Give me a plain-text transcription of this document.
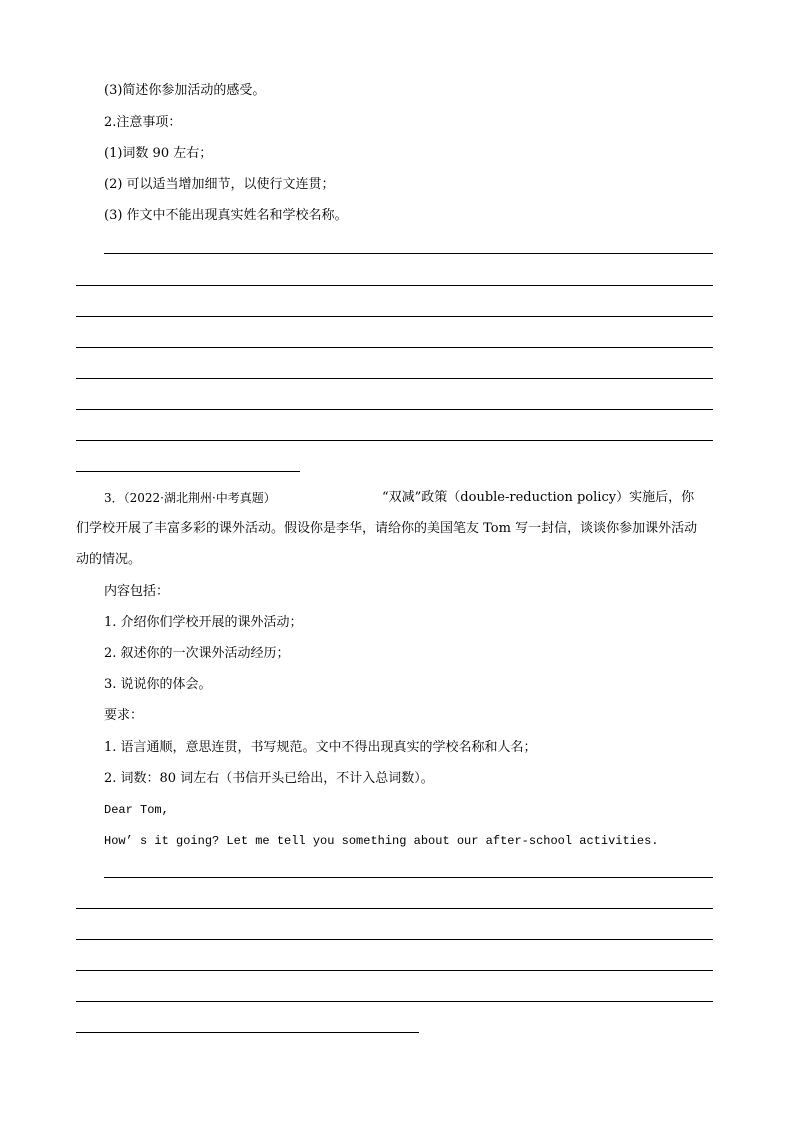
(3)简述你参加活动的感受。
2.注意事项：
(1)词数 90 左右；
(2) 可以适当增加细节，以使行文连贯；
(3) 作文中不能出现真实姓名和学校名称。
3．（2022·湖北荆州·中考真题）	“双减”政策（double-reduction policy）实施后，你
们学校开展了丰富多彩的课外活动。假设你是李华，请给你的美国笔友 Tom 写一封信，谈谈你参加课外活动
动的情况。
内容包括：
1. 介绍你们学校开展的课外活动；
2. 叙述你的一次课外活动经历；
3. 说说你的体会。
要求：
1. 语言通顺，意思连贯，书写规范。文中不得出现真实的学校名称和人名；
2. 词数：80 词左右（书信开头已给出，不计入总词数）。
Dear Tom,
How’ s it going? Let me tell you something about our after-school activities.
